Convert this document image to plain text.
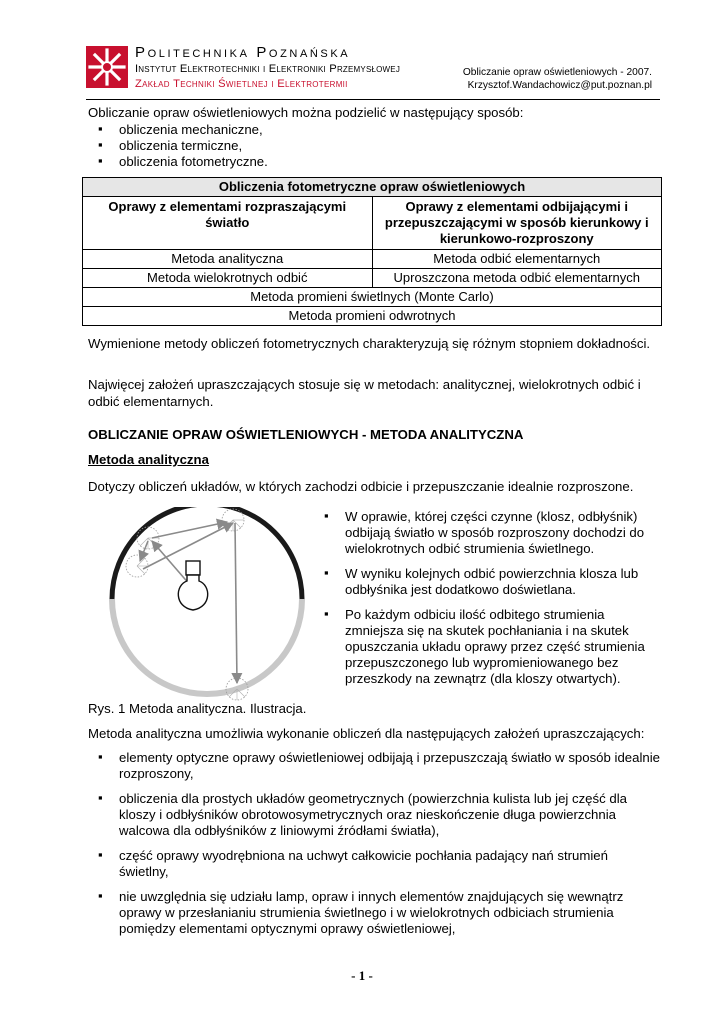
Politechnika Poznańska
Instytut Elektrotechniki i Elektroniki Przemysłowej
Zakład Techniki Świetlnej i Elektrotermii
Obliczanie opraw oświetleniowych - 2007.
Krzysztof.Wandachowicz@put.poznan.pl

Obliczanie opraw oświetleniowych można podzielić w następujący sposób:

▪ obliczenia mechaniczne,
▪ obliczenia termiczne,
▪ obliczenia fotometryczne.
Obliczenia fotometryczne opraw oświetleniowych	
Oprawy z elementami rozpraszającymi światło	Oprawy z elementami odbijającymi i przepuszczającymi w sposób kierunkowy i kierunkowo-rozproszony
Metoda analityczna	Metoda odbić elementarnych
Metoda wielokrotnych odbić	Uproszczona metoda odbić elementarnych
Metoda promieni świetlnych (Monte Carlo)	
Metoda promieni odwrotnych	

Wymienione metody obliczeń fotometrycznych charakteryzują się różnym stopniem dokładności.

Najwięcej założeń upraszczających stosuje się w metodach: analitycznej, wielokrotnych odbić i odbić elementarnych.

OBLICZANIE OPRAW OŚWIETLENIOWYCH - METODA ANALITYCZNA

Metoda analityczna

Dotyczy obliczeń układów, w których zachodzi odbicie i przepuszczanie idealnie rozproszone.

▪ W oprawie, której części czynne (klosz, odbłyśnik) odbijają światło w sposób rozproszony dochodzi do wielokrotnych odbić strumienia świetlnego.
▪ W wyniku kolejnych odbić powierzchnia klosza lub odbłyśnika jest dodatkowo doświetlana.
▪ Po każdym odbiciu ilość odbitego strumienia zmniejsza się na skutek pochłaniania i na skutek opuszczania układu oprawy przez część strumienia przepuszczonego lub wypromieniowanego bez przeszkody na zewnątrz (dla kloszy otwartych).

Rys. 1 Metoda analityczna. Ilustracja.

Metoda analityczna umożliwia wykonanie obliczeń dla następujących założeń upraszczających:

▪ elementy optyczne oprawy oświetleniowej odbijają i przepuszczają światło w sposób idealnie rozproszony,
▪ obliczenia dla prostych układów geometrycznych (powierzchnia kulista lub jej część dla kloszy i odbłyśników obrotowosymetrycznych oraz nieskończenie długa powierzchnia walcowa dla odbłyśników z liniowymi źródłami światła),
▪ część oprawy wyodrębniona na uchwyt całkowicie pochłania padający nań strumień świetlny,
▪ nie uwzględnia się udziału lamp, opraw i innych elementów znajdujących się wewnątrz oprawy w przesłanianiu strumienia świetlnego i w wielokrotnych odbiciach strumienia pomiędzy elementami optycznymi oprawy oświetleniowej,
- 1 -
